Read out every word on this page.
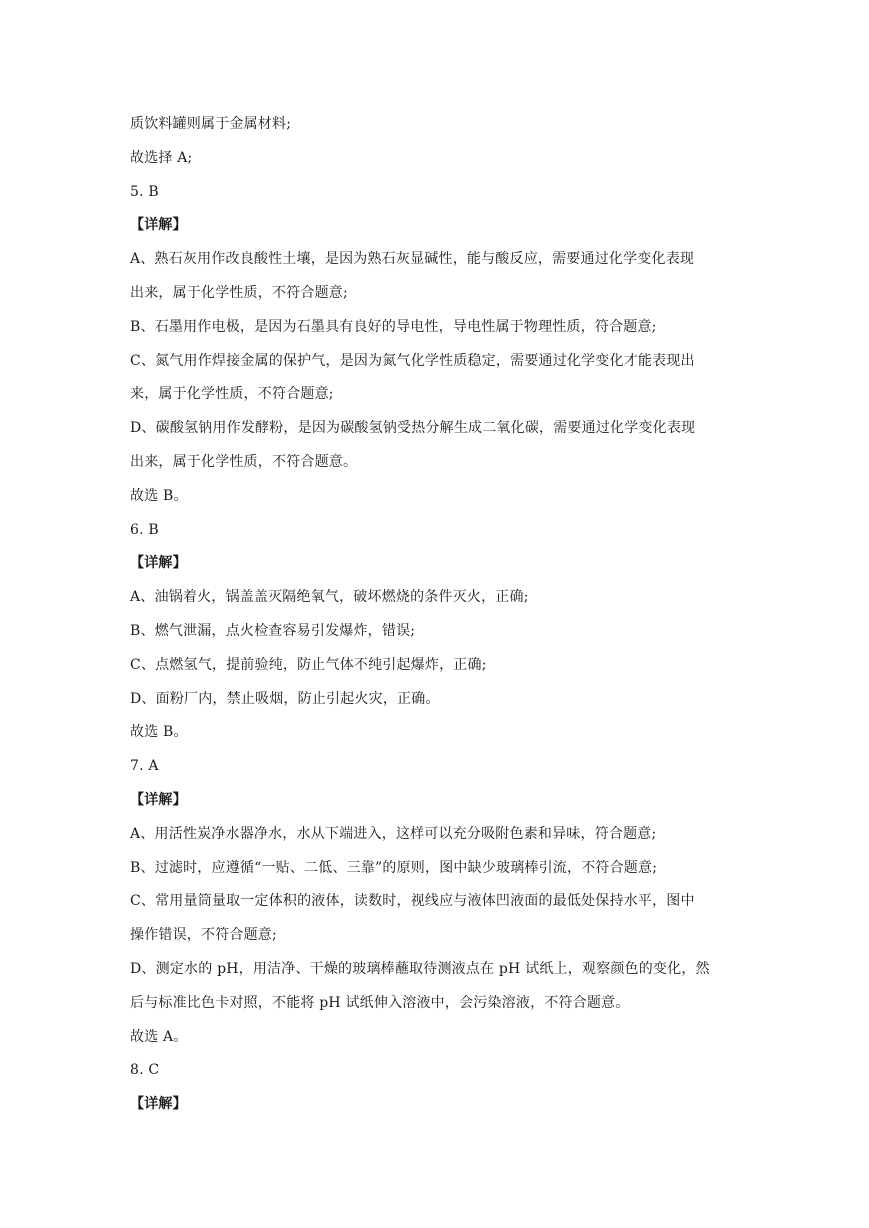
质饮料罐则属于金属材料;
故选择 A;
5. B
【详解】
A、熟石灰用作改良酸性土壤，是因为熟石灰显碱性，能与酸反应，需要通过化学变化表现
出来，属于化学性质，不符合题意;
B、石墨用作电极，是因为石墨具有良好的导电性，导电性属于物理性质，符合题意;
C、氮气用作焊接金属的保护气，是因为氮气化学性质稳定，需要通过化学变化才能表现出
来，属于化学性质，不符合题意;
D、碳酸氢钠用作发酵粉，是因为碳酸氢钠受热分解生成二氧化碳，需要通过化学变化表现
出来，属于化学性质，不符合题意。
故选 B。
6. B
【详解】
A、油锅着火，锅盖盖灭隔绝氧气，破坏燃烧的条件灭火，正确;
B、燃气泄漏，点火检查容易引发爆炸，错误;
C、点燃氢气，提前验纯，防止气体不纯引起爆炸，正确;
D、面粉厂内，禁止吸烟，防止引起火灾，正确。
故选 B。
7. A
【详解】
A、用活性炭净水器净水，水从下端进入，这样可以充分吸附色素和异味，符合题意;
B、过滤时，应遵循“一贴、二低、三靠”的原则，图中缺少玻璃棒引流，不符合题意;
C、常用量筒量取一定体积的液体，读数时，视线应与液体凹液面的最低处保持水平，图中
操作错误，不符合题意;
D、测定水的 pH，用洁净、干燥的玻璃棒蘸取待测液点在 pH 试纸上，观察颜色的变化，然
后与标准比色卡对照，不能将 pH 试纸伸入溶液中，会污染溶液，不符合题意。
故选 A。
8. C
【详解】
